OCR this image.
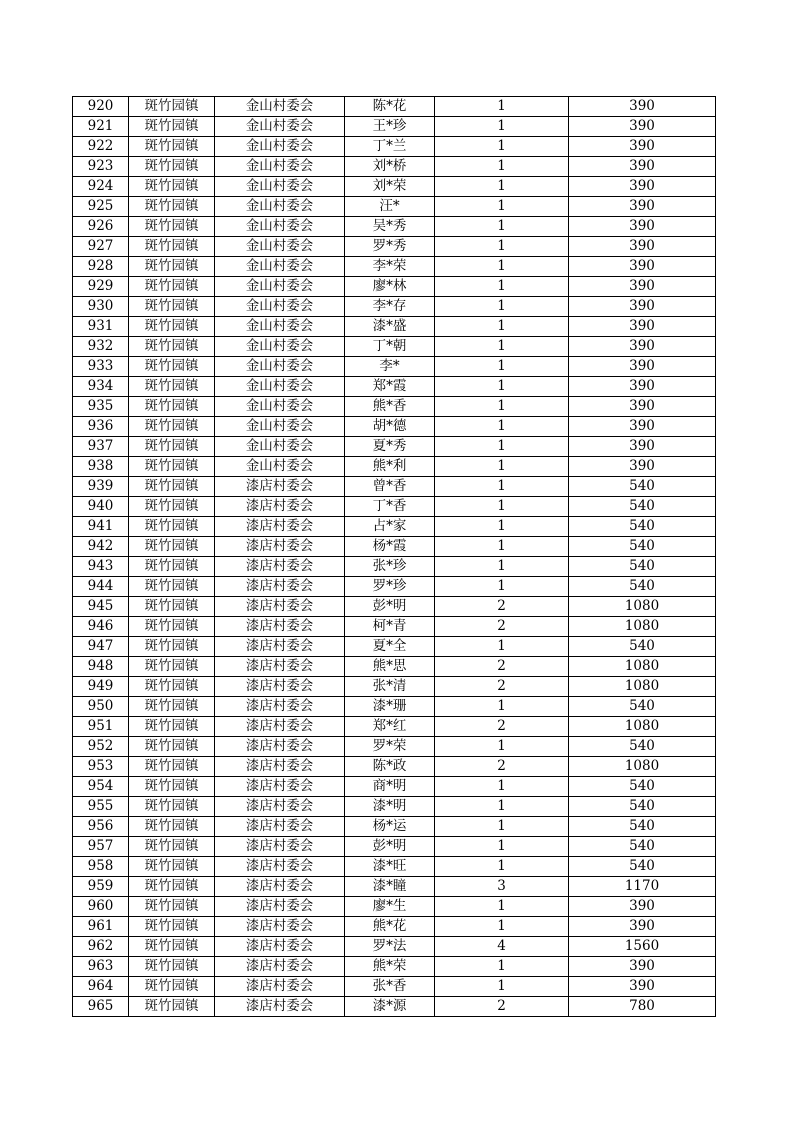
920	斑竹园镇	金山村委会	陈*花	1	390
921	斑竹园镇	金山村委会	王*珍	1	390
922	斑竹园镇	金山村委会	丁*兰	1	390
923	斑竹园镇	金山村委会	刘*桥	1	390
924	斑竹园镇	金山村委会	刘*荣	1	390
925	斑竹园镇	金山村委会	汪*	1	390
926	斑竹园镇	金山村委会	吴*秀	1	390
927	斑竹园镇	金山村委会	罗*秀	1	390
928	斑竹园镇	金山村委会	李*荣	1	390
929	斑竹园镇	金山村委会	廖*林	1	390
930	斑竹园镇	金山村委会	李*存	1	390
931	斑竹园镇	金山村委会	漆*盛	1	390
932	斑竹园镇	金山村委会	丁*朝	1	390
933	斑竹园镇	金山村委会	李*	1	390
934	斑竹园镇	金山村委会	郑*霞	1	390
935	斑竹园镇	金山村委会	熊*香	1	390
936	斑竹园镇	金山村委会	胡*德	1	390
937	斑竹园镇	金山村委会	夏*秀	1	390
938	斑竹园镇	金山村委会	熊*利	1	390
939	斑竹园镇	漆店村委会	曾*香	1	540
940	斑竹园镇	漆店村委会	丁*香	1	540
941	斑竹园镇	漆店村委会	占*家	1	540
942	斑竹园镇	漆店村委会	杨*霞	1	540
943	斑竹园镇	漆店村委会	张*珍	1	540
944	斑竹园镇	漆店村委会	罗*珍	1	540
945	斑竹园镇	漆店村委会	彭*明	2	1080
946	斑竹园镇	漆店村委会	柯*青	2	1080
947	斑竹园镇	漆店村委会	夏*全	1	540
948	斑竹园镇	漆店村委会	熊*思	2	1080
949	斑竹园镇	漆店村委会	张*清	2	1080
950	斑竹园镇	漆店村委会	漆*珊	1	540
951	斑竹园镇	漆店村委会	郑*红	2	1080
952	斑竹园镇	漆店村委会	罗*荣	1	540
953	斑竹园镇	漆店村委会	陈*政	2	1080
954	斑竹园镇	漆店村委会	商*明	1	540
955	斑竹园镇	漆店村委会	漆*明	1	540
956	斑竹园镇	漆店村委会	杨*运	1	540
957	斑竹园镇	漆店村委会	彭*明	1	540
958	斑竹园镇	漆店村委会	漆*旺	1	540
959	斑竹园镇	漆店村委会	漆*瞳	3	1170
960	斑竹园镇	漆店村委会	廖*生	1	390
961	斑竹园镇	漆店村委会	熊*花	1	390
962	斑竹园镇	漆店村委会	罗*法	4	1560
963	斑竹园镇	漆店村委会	熊*荣	1	390
964	斑竹园镇	漆店村委会	张*香	1	390
965	斑竹园镇	漆店村委会	漆*源	2	780
